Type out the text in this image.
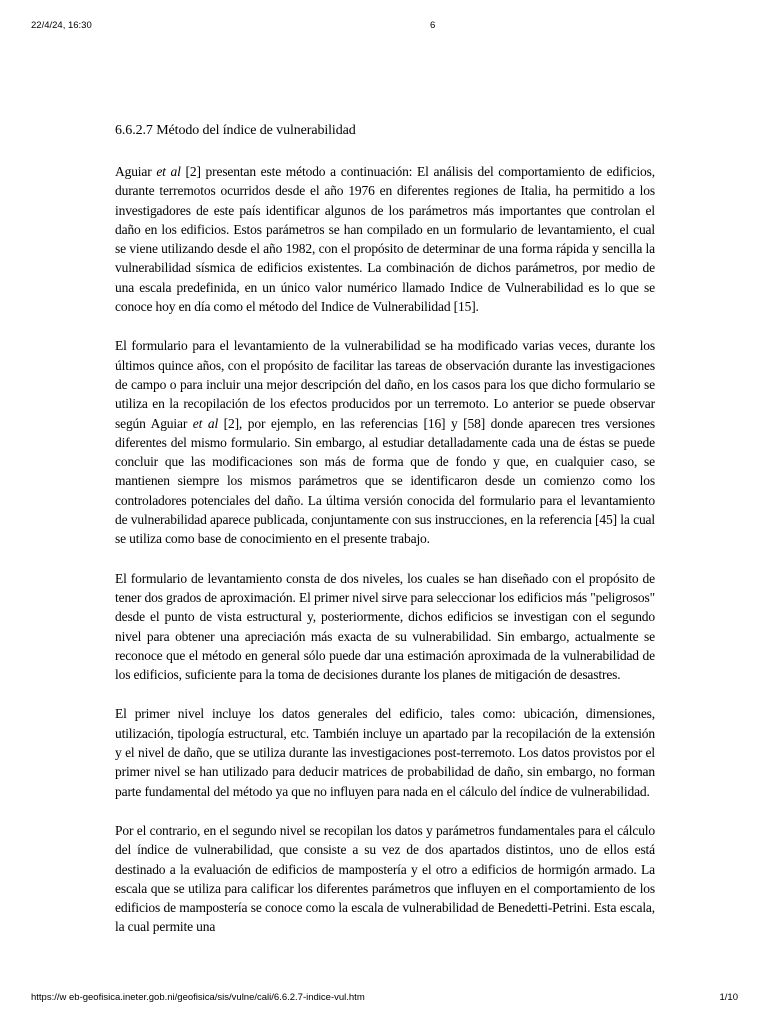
22/4/24, 16:30	6
6.6.2.7 Método del índice de vulnerabilidad

Aguiar et al [2] presentan este método a continuación: El análisis del comportamiento de edificios, durante terremotos ocurridos desde el año 1976 en diferentes regiones de Italia, ha permitido a los investigadores de este país identificar algunos de los parámetros más importantes que controlan el daño en los edificios. Estos parámetros se han compilado en un formulario de levantamiento, el cual se viene utilizando desde el año 1982, con el propósito de determinar de una forma rápida y sencilla la vulnerabilidad sísmica de edificios existentes. La combinación de dichos parámetros, por medio de una escala predefinida, en un único valor numérico llamado Indice de Vulnerabilidad es lo que se conoce hoy en día como el método del Indice de Vulnerabilidad [15].

El formulario para el levantamiento de la vulnerabilidad se ha modificado varias veces, durante los últimos quince años, con el propósito de facilitar las tareas de observación durante las investigaciones de campo o para incluir una mejor descripción del daño, en los casos para los que dicho formulario se utiliza en la recopilación de los efectos producidos por un terremoto. Lo anterior se puede observar según Aguiar et al [2], por ejemplo, en las referencias [16] y [58] donde aparecen tres versiones diferentes del mismo formulario. Sin embargo, al estudiar detalladamente cada una de éstas se puede concluir que las modificaciones son más de forma que de fondo y que, en cualquier caso, se mantienen siempre los mismos parámetros que se identificaron desde un comienzo como los controladores potenciales del daño. La última versión conocida del formulario para el levantamiento de vulnerabilidad aparece publicada, conjuntamente con sus instrucciones, en la referencia [45] la cual se utiliza como base de conocimiento en el presente trabajo.

El formulario de levantamiento consta de dos niveles, los cuales se han diseñado con el propósito de tener dos grados de aproximación. El primer nivel sirve para seleccionar los edificios más "peligrosos" desde el punto de vista estructural y, posteriormente, dichos edificios se investigan con el segundo nivel para obtener una apreciación más exacta de su vulnerabilidad. Sin embargo, actualmente se reconoce que el método en general sólo puede dar una estimación aproximada de la vulnerabilidad de los edificios, suficiente para la toma de decisiones durante los planes de mitigación de desastres.

El primer nivel incluye los datos generales del edificio, tales como: ubicación, dimensiones, utilización, tipología estructural, etc. También incluye un apartado par la recopilación de la extensión y el nivel de daño, que se utiliza durante las investigaciones post-terremoto. Los datos provistos por el primer nivel se han utilizado para deducir matrices de probabilidad de daño, sin embargo, no forman parte fundamental del método ya que no influyen para nada en el cálculo del índice de vulnerabilidad.

Por el contrario, en el segundo nivel se recopilan los datos y parámetros fundamentales para el cálculo del índice de vulnerabilidad, que consiste a su vez de dos apartados distintos, uno de ellos está destinado a la evaluación de edificios de mampostería y el otro a edificios de hormigón armado. La escala que se utiliza para calificar los diferentes parámetros que influyen en el comportamiento de los edificios de mampostería se conoce como la escala de vulnerabilidad de Benedetti-Petrini. Esta escala, la cual permite una

https://w eb-geofisica.ineter.gob.ni/geofisica/sis/vulne/cali/6.6.2.7-indice-vul.htm	1/10
